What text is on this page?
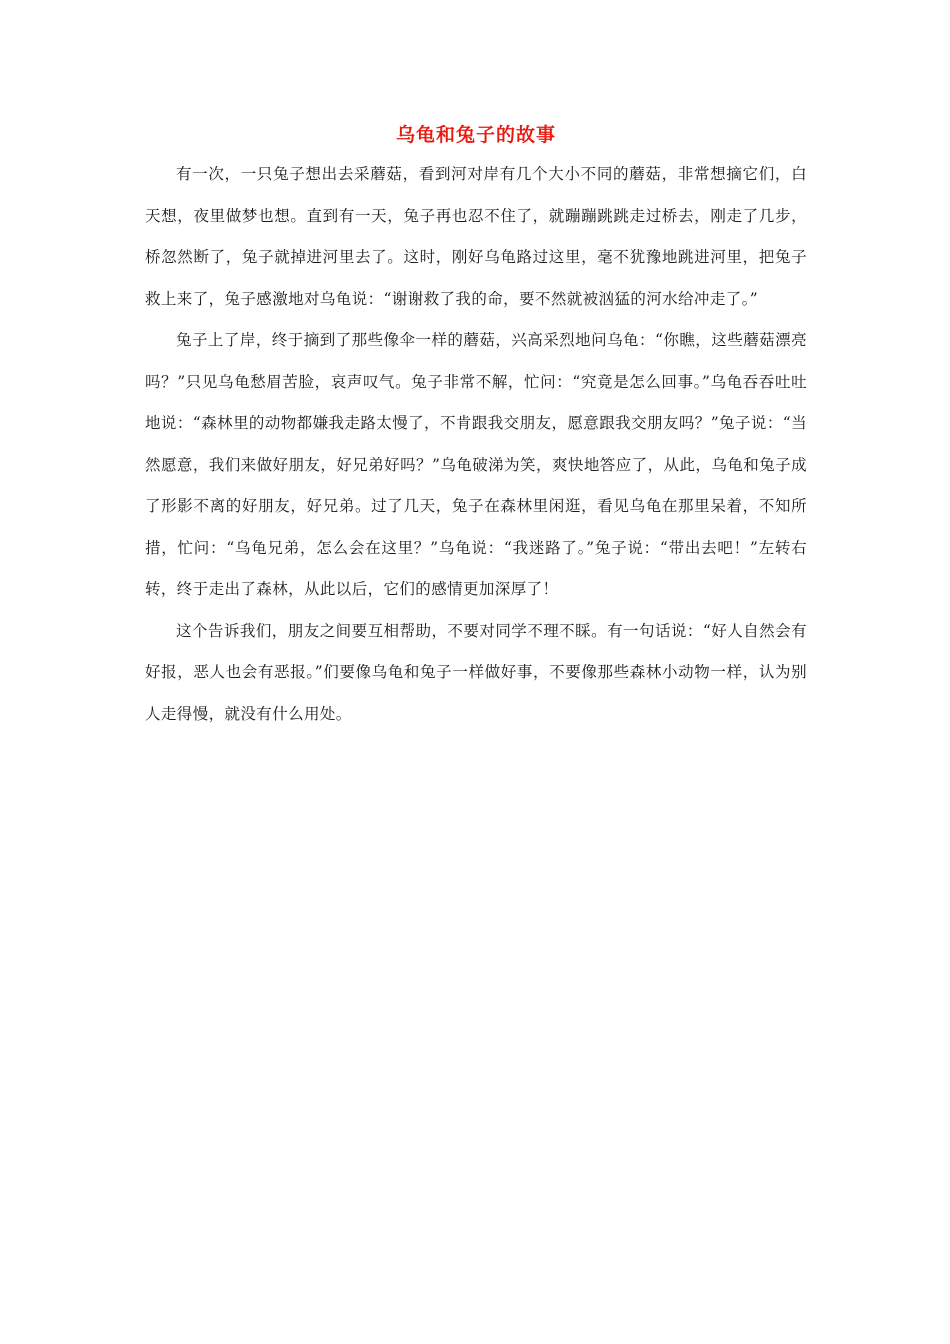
乌龟和兔子的故事

有一次，一只兔子想出去采蘑菇，看到河对岸有几个大小不同的蘑菇，非常想摘它们，白天想，夜里做梦也想。直到有一天，兔子再也忍不住了，就蹦蹦跳跳走过桥去，刚走了几步，桥忽然断了，兔子就掉进河里去了。这时，刚好乌龟路过这里，毫不犹豫地跳进河里，把兔子救上来了，兔子感激地对乌龟说：“谢谢救了我的命，要不然就被汹猛的河水给冲走了。”

兔子上了岸，终于摘到了那些像伞一样的蘑菇，兴高采烈地问乌龟：“你瞧，这些蘑菇漂亮吗？”只见乌龟愁眉苦脸，哀声叹气。兔子非常不解，忙问：“究竟是怎么回事。”乌龟吞吞吐吐地说：“森林里的动物都嫌我走路太慢了，不肯跟我交朋友，愿意跟我交朋友吗？”兔子说：“当然愿意，我们来做好朋友，好兄弟好吗？”乌龟破涕为笑，爽快地答应了，从此，乌龟和兔子成了形影不离的好朋友，好兄弟。过了几天，兔子在森林里闲逛，看见乌龟在那里呆着，不知所措，忙问：“乌龟兄弟，怎么会在这里？”乌龟说：“我迷路了。”兔子说：“带出去吧！”左转右转，终于走出了森林，从此以后，它们的感情更加深厚了！

这个告诉我们，朋友之间要互相帮助，不要对同学不理不睬。有一句话说：“好人自然会有好报，恶人也会有恶报。”们要像乌龟和兔子一样做好事，不要像那些森林小动物一样，认为别人走得慢，就没有什么用处。
